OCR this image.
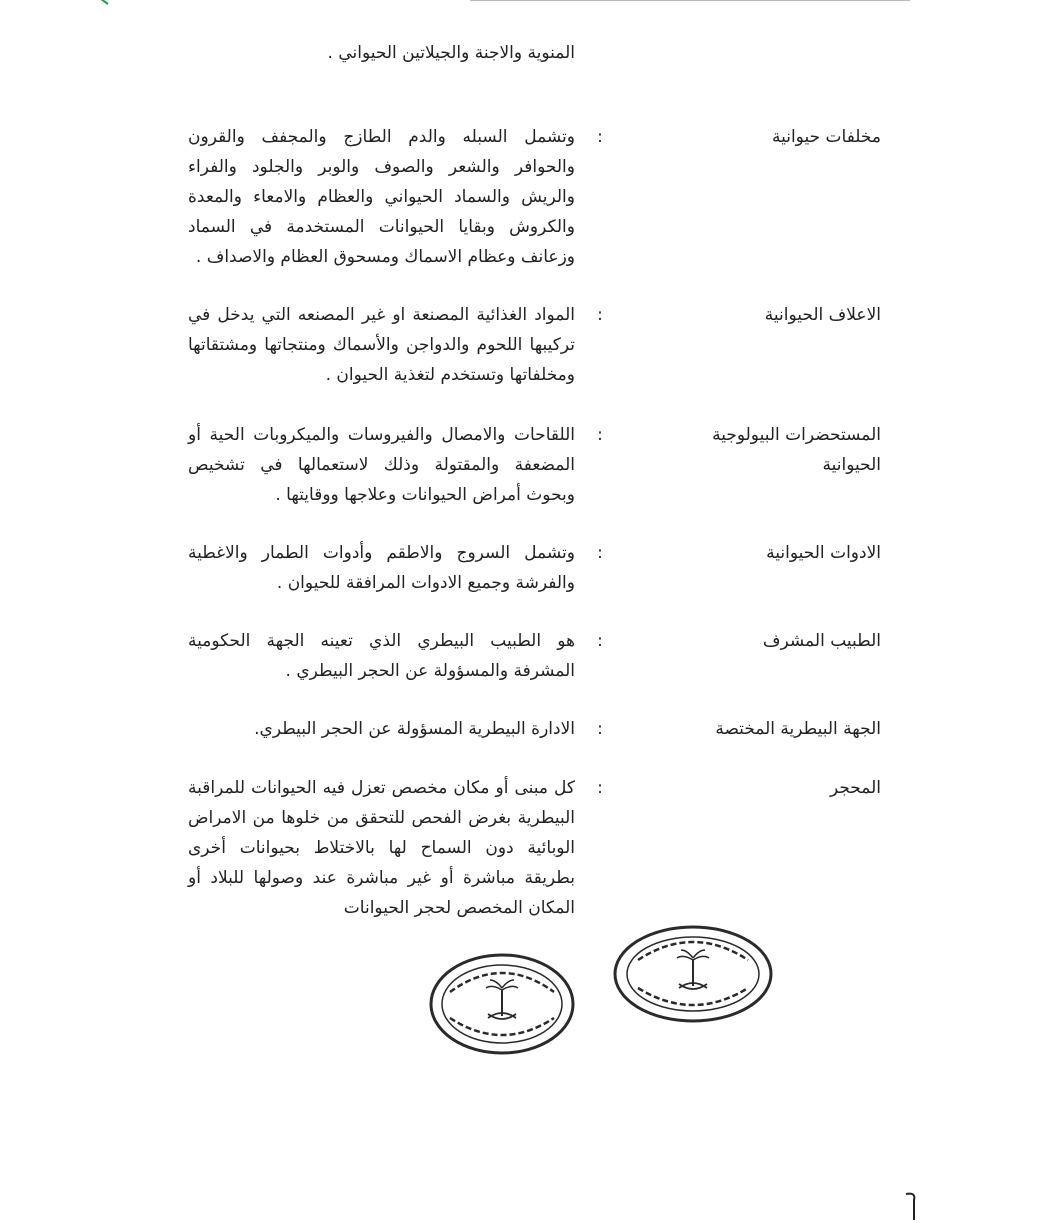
المنوية والاجنة والجيلاتين الحيواني .
مخلفات حيوانية
:
وتشمل السبله والدم الطازج والمجفف والقرون والحوافر والشعر والصوف والوبر والجلود والفراء والريش والسماد الحيواني والعظام والامعاء والمعدة والكروش وبقايا الحيوانات المستخدمة في السماد وزعانف وعظام الاسماك ومسحوق العظام والاصداف .
الاعلاف الحيوانية
:
المواد الغذائية المصنعة او غير المصنعه التي يدخل في تركيبها اللحوم والدواجن والأسماك ومنتجاتها ومشتقاتها ومخلفاتها وتستخدم لتغذية الحيوان .
المستحضرات البيولوجية الحيوانية
:
اللقاحات والامصال والفيروسات والميكروبات الحية أو المضعفة والمقتولة وذلك لاستعمالها في تشخيص وبحوث أمراض الحيوانات وعلاجها ووقايتها .
الادوات الحيوانية
:
وتشمل السروج والاطقم وأدوات الطمار والاغطية والفرشة وجميع الادوات المرافقة للحيوان .
الطبيب المشرف
:
هو الطبيب البيطري الذي تعينه الجهة الحكومية المشرفة والمسؤولة عن الحجر البيطري .
الجهة البيطرية المختصة
:
الادارة البيطرية المسؤولة عن الحجر البيطري.
المحجر
:
كل مبنى أو مكان مخصص تعزل فيه الحيوانات للمراقبة البيطرية بغرض الفحص للتحقق من خلوها من الامراض الوبائية دون السماح لها بالاختلاط بحيوانات أخرى بطريقة مباشرة أو غير مباشرة عند وصولها للبلاد أو المكان المخصص لحجر الحيوانات
